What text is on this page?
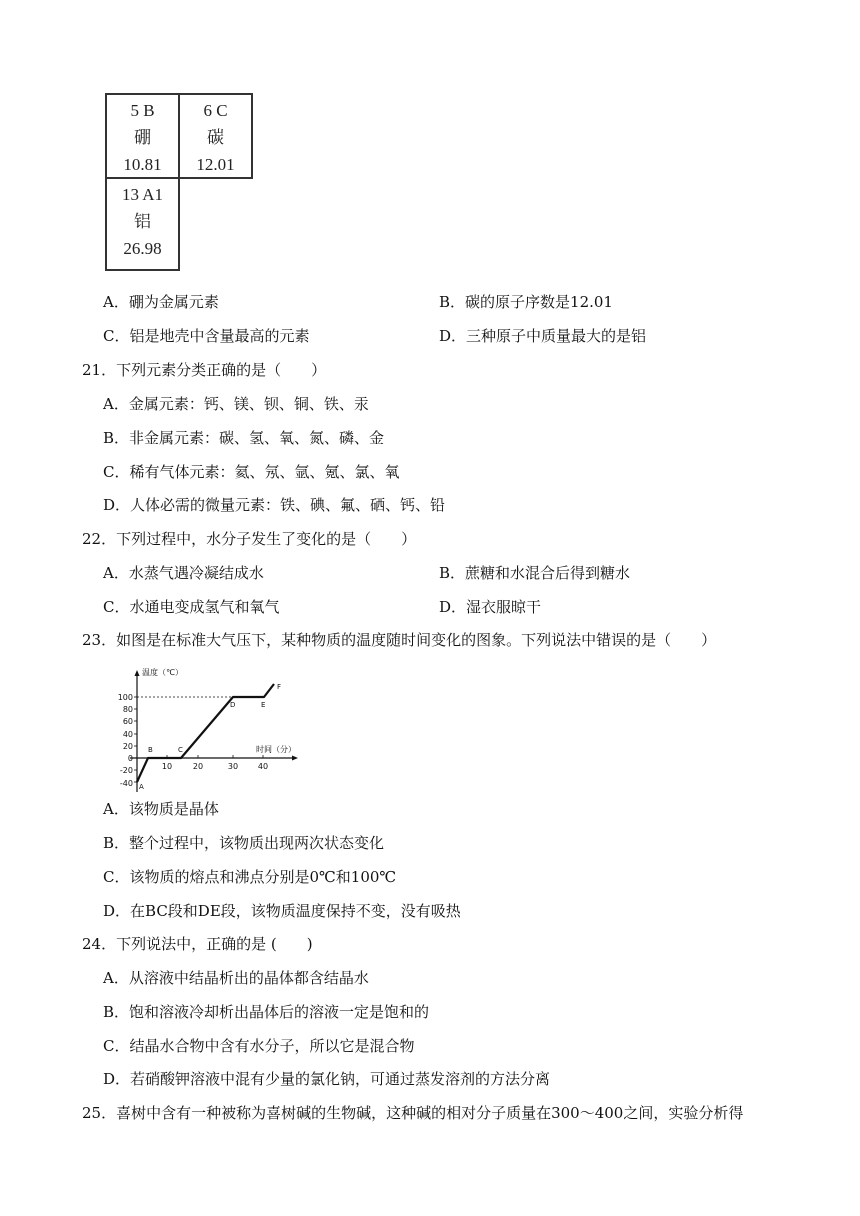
5 B
硼
10.81
6 C
碳
12.01
13 A1
铝
26.98
A．硼为金属元素	B．碳的原子序数是12.01
C．铝是地壳中含量最高的元素	D．三种原子中质量最大的是铝
21．下列元素分类正确的是（　　）
A．金属元素：钙、镁、钡、铜、铁、汞
B．非金属元素：碳、氢、氧、氮、磷、金
C．稀有气体元素：氦、氖、氩、氪、氯、氧
D．人体必需的微量元素：铁、碘、氟、硒、钙、铅
22．下列过程中，水分子发生了变化的是（　　）
A．水蒸气遇冷凝结成水	B．蔗糖和水混合后得到糖水
C．水通电变成氢气和氧气	D．湿衣服晾干
23．如图是在标准大气压下，某种物质的温度随时间变化的图象。下列说法中错误的是（　　）
温度（℃）
时间（分）
100
80
60
40
20
0
-20
-40
10	20	30 40
A
B	C
D	E
F
A．该物质是晶体
B．整个过程中，该物质出现两次状态变化
C．该物质的熔点和沸点分别是0℃和100℃
D．在BC段和DE段，该物质温度保持不变，没有吸热
24．下列说法中，正确的是 (　　)
A．从溶液中结晶析出的晶体都含结晶水
B．饱和溶液冷却析出晶体后的溶液一定是饱和的
C．结晶水合物中含有水分子，所以它是混合物
D．若硝酸钾溶液中混有少量的氯化钠，可通过蒸发溶剂的方法分离
25．喜树中含有一种被称为喜树碱的生物碱，这种碱的相对分子质量在300～400之间，实验分析得
